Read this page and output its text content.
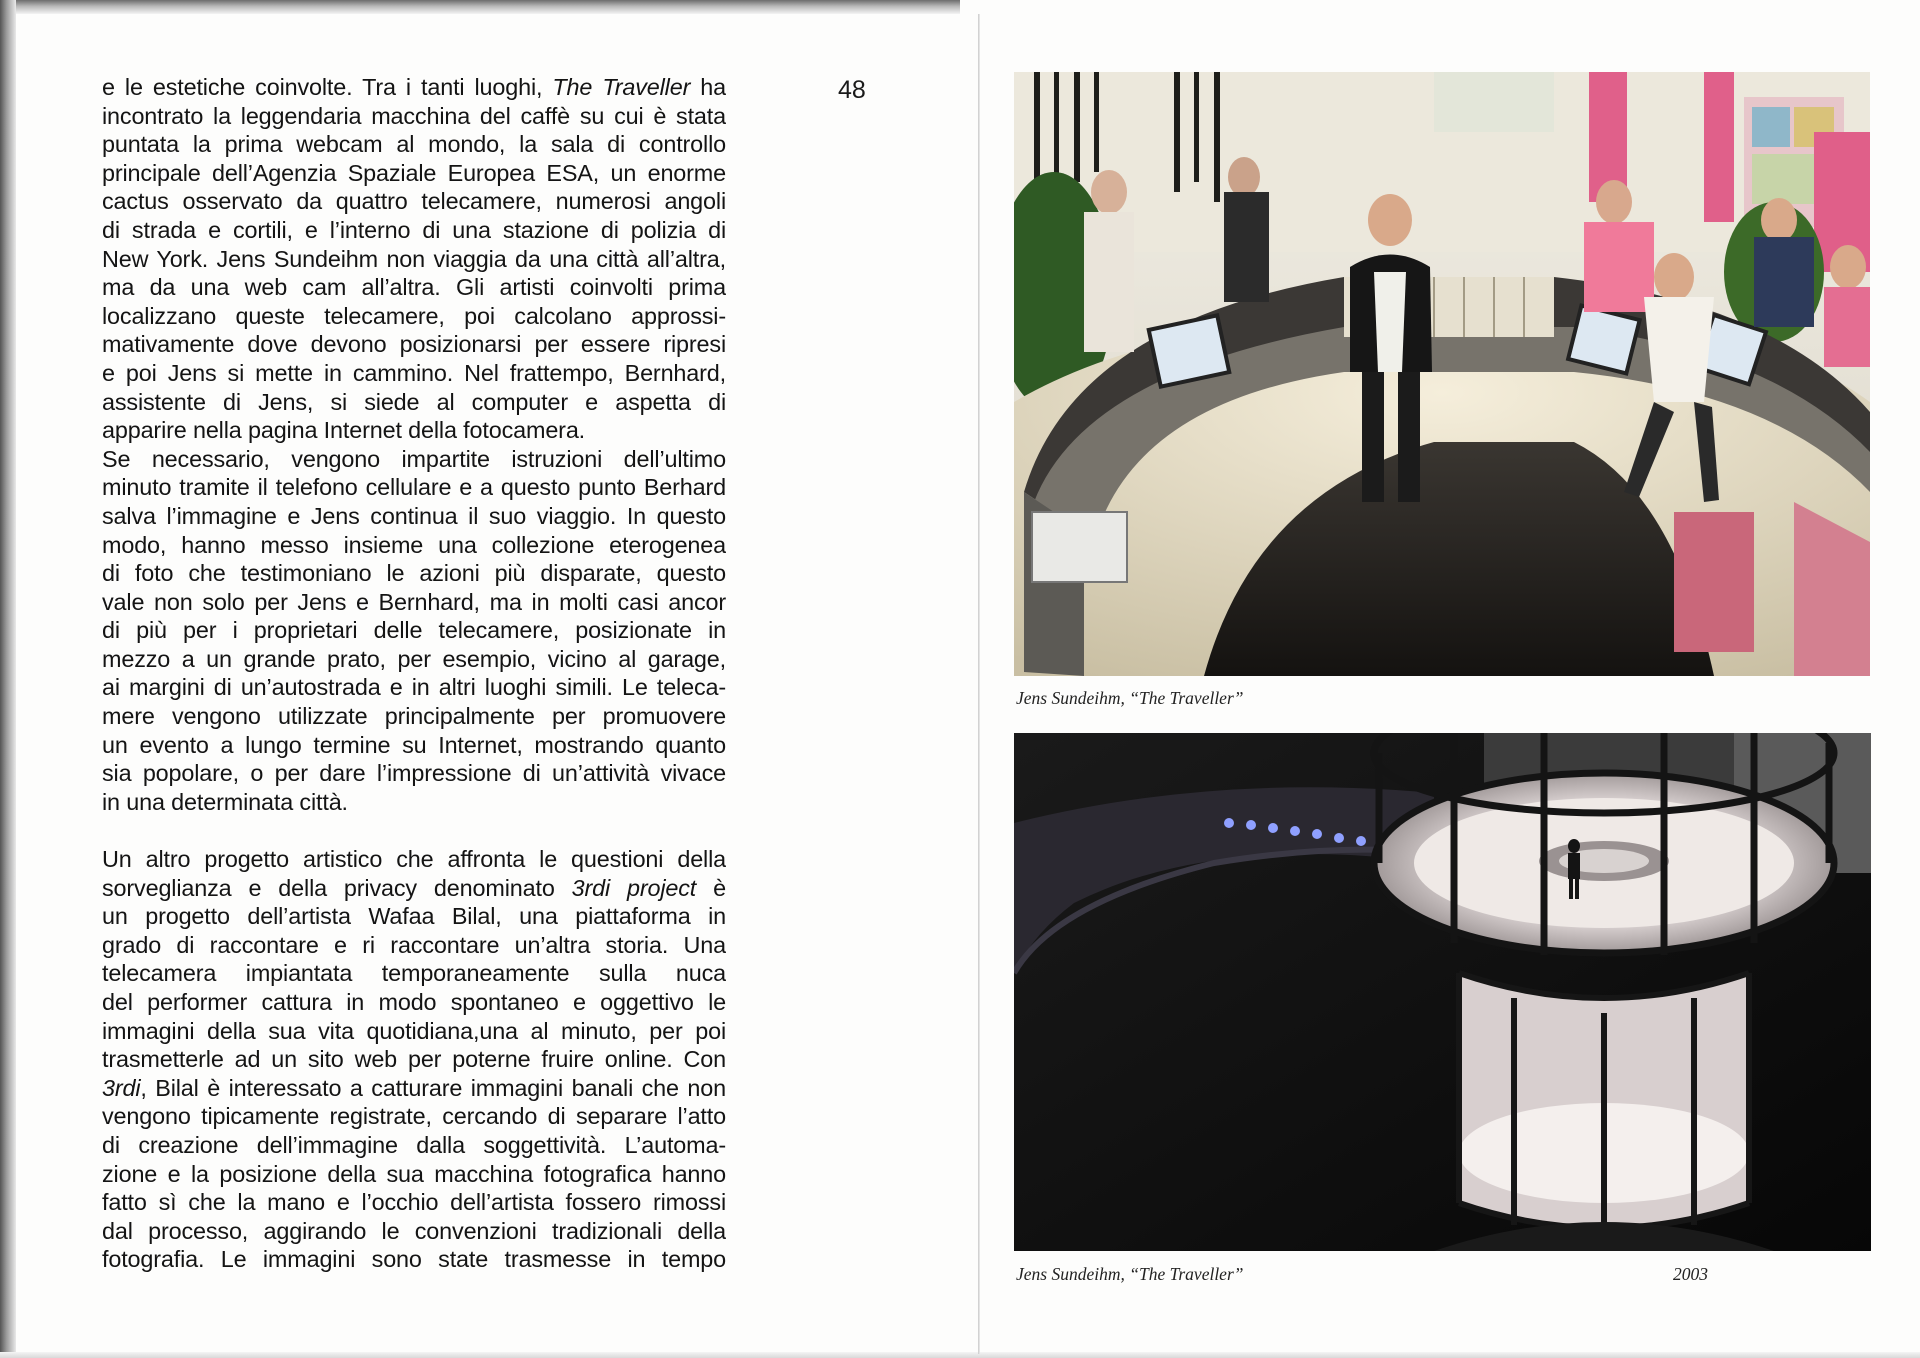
e le estetiche coinvolte. Tra i tanti luoghi, The Traveller ha
incontrato la leggendaria macchina del caffè su cui è stata
puntata la prima webcam al mondo, la sala di controllo
principale dell’Agenzia Spaziale Europea ESA, un enorme
cactus osservato da quattro telecamere, numerosi angoli
di strada e cortili, e l’interno di una stazione di polizia di
New York. Jens Sundeihm non viaggia da una città all’altra,
ma da una web cam all’altra. Gli artisti coinvolti prima
localizzano queste telecamere, poi calcolano approssi-
mativamente dove devono posizionarsi per essere ripresi
e poi Jens si mette in cammino. Nel frattempo, Bernhard,
assistente di Jens, si siede al computer e aspetta di
apparire nella pagina Internet della fotocamera.
Se necessario, vengono impartite istruzioni dell’ultimo
minuto tramite il telefono cellulare e a questo punto Berhard
salva l’immagine e Jens continua il suo viaggio. In questo
modo, hanno messo insieme una collezione eterogenea
di foto che testimoniano le azioni più disparate, questo
vale non solo per Jens e Bernhard, ma in molti casi ancor
di più per i proprietari delle telecamere, posizionate in
mezzo a un grande prato, per esempio, vicino al garage,
ai margini di un’autostrada e in altri luoghi simili. Le teleca-
mere vengono utilizzate principalmente per promuovere
un evento a lungo termine su Internet, mostrando quanto
sia popolare, o per dare l’impressione di un’attività vivace
in una determinata città.
Un altro progetto artistico che affronta le questioni della
sorveglianza e della privacy denominato 3rdi project è
un progetto dell’artista Wafaa Bilal, una piattaforma in
grado di raccontare e ri raccontare un’altra storia. Una
telecamera impiantata temporaneamente sulla nuca
del performer cattura in modo spontaneo e oggettivo le
immagini della sua vita quotidiana,una al minuto, per poi
trasmetterle ad un sito web per poterne fruire online. Con
3rdi, Bilal è interessato a catturare immagini banali che non
vengono tipicamente registrate, cercando di separare l’atto
di creazione dell’immagine dalla soggettività. L’automa-
zione e la posizione della sua macchina fotografica hanno
fatto sì che la mano e l’occhio dell’artista fossero rimossi
dal processo, aggirando le convenzioni tradizionali della
fotografia. Le immagini sono state trasmesse in tempo
48
Jens Sundeihm, “The Traveller”
Jens Sundeihm, “The Traveller”	2003
